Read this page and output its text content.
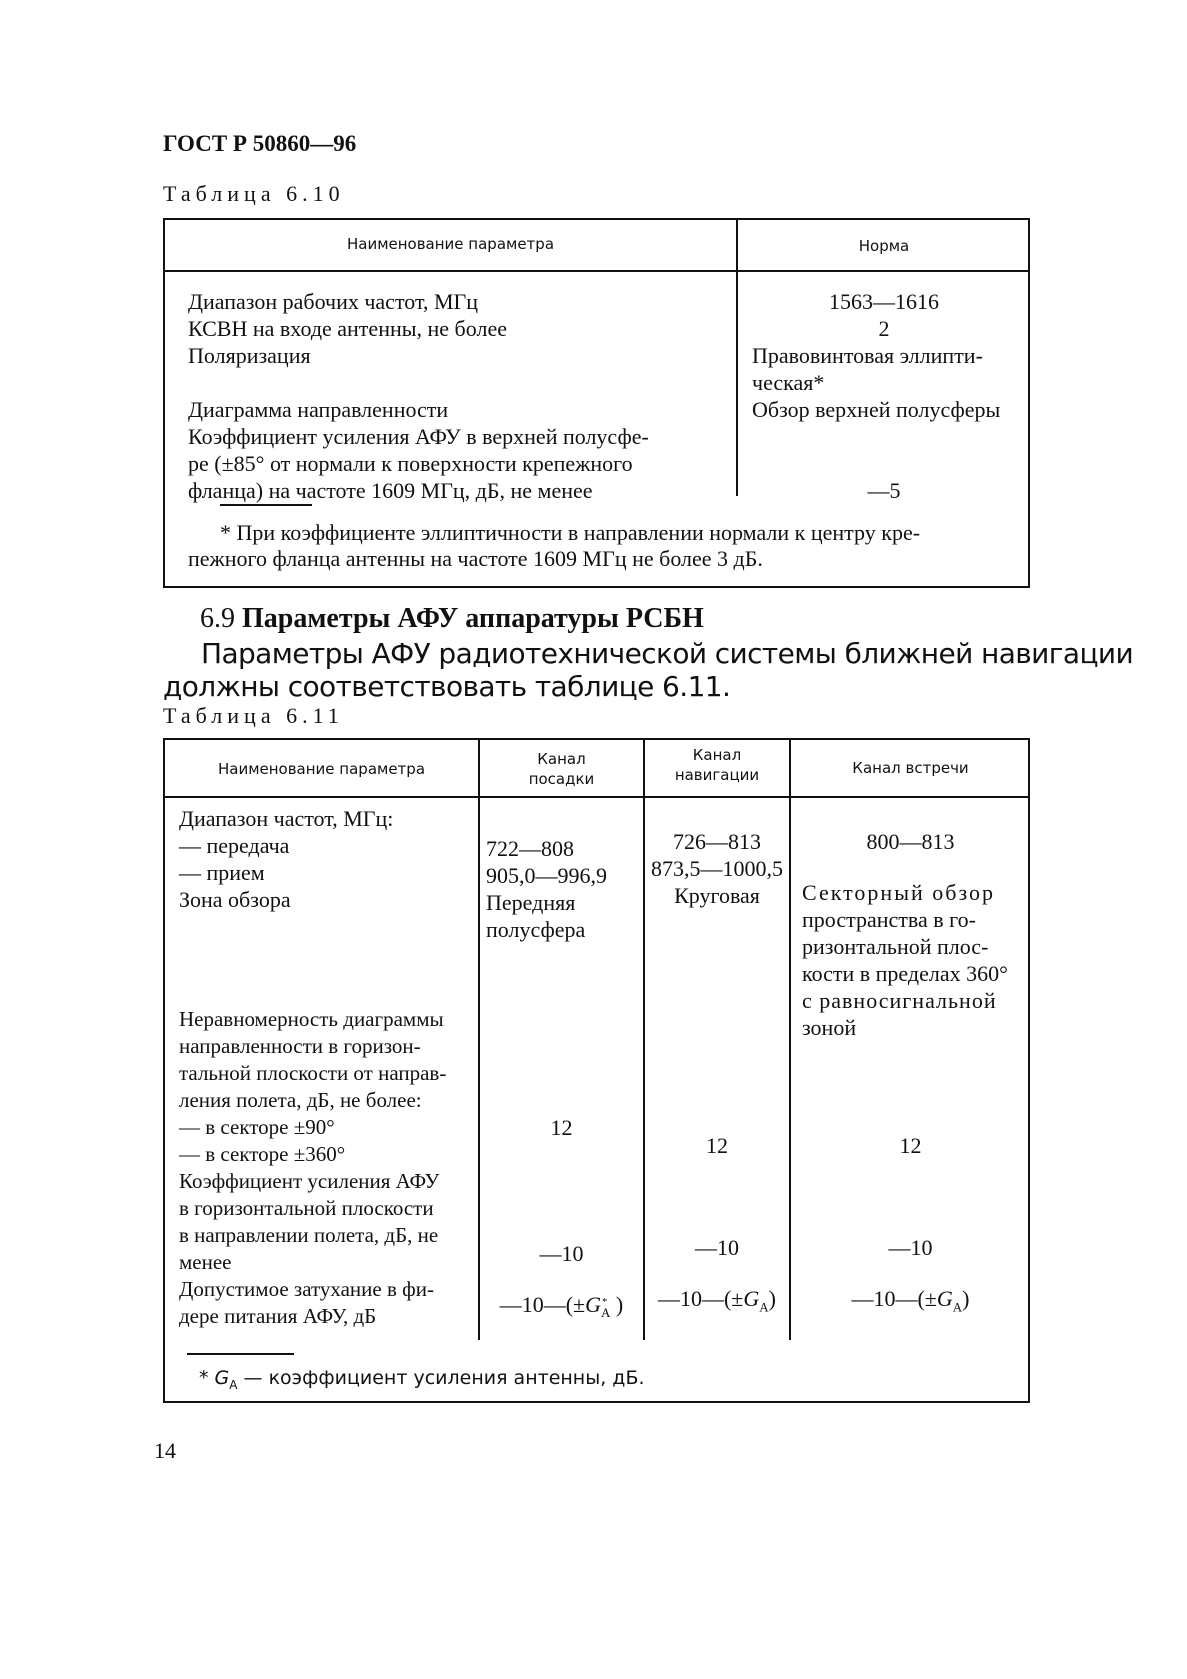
ГОСТ Р 50860—96
Таблица 6.10
Наименование параметра	Норма
Диапазон рабочих частот, МГц
КСВН на входе антенны, не более
Поляризация
Диаграмма направленности
Коэффициент усиления АФУ в верхней полусфе-
ре (±85° от нормали к поверхности крепежного
фланца) на частоте 1609 МГц, дБ, не менее
1563—1616
2
Правовинтовая эллипти-
ческая*
Обзор верхней полусферы
—5
* При коэффициенте эллиптичности в направлении нормали к центру кре-
пежного фланца антенны на частоте 1609 МГц не более 3 дБ.
6.9 Параметры АФУ аппаратуры РСБН
Параметры АФУ радиотехнической системы ближней навигации
должны соответствовать таблице 6.11.
Таблица 6.11
Наименование параметра
Канал
посадки
Канал
навигации	Канал встречи
Диапазон частот, МГц:
— передача
— прием
Зона обзора
Неравномерность диаграммы
направленности в горизон-
тальной плоскости от направ-
ления полета, дБ, не более:
— в секторе ±90°
— в секторе ±360°
Коэффициент усиления АФУ
в горизонтальной плоскости
в направлении полета, дБ, не
менее
Допустимое затухание в фи-
дере питания АФУ, дБ
722—808
905,0—996,9
Передняя
полусфера
12
—10
$—10—(\pm G_{A *}$ )
726—813
873,5—1000,5
Круговая
12
—10
$—10—(\pm G_A)$
800—813
Секторный обзор
пространства в го-
ризонтальной плос-
кости в пределах 360°
с равносигнальной
зоной
12
—10
$—10—(\pm G_A)$
* $G_A$ — коэффициент усиления антенны, дБ.
14
